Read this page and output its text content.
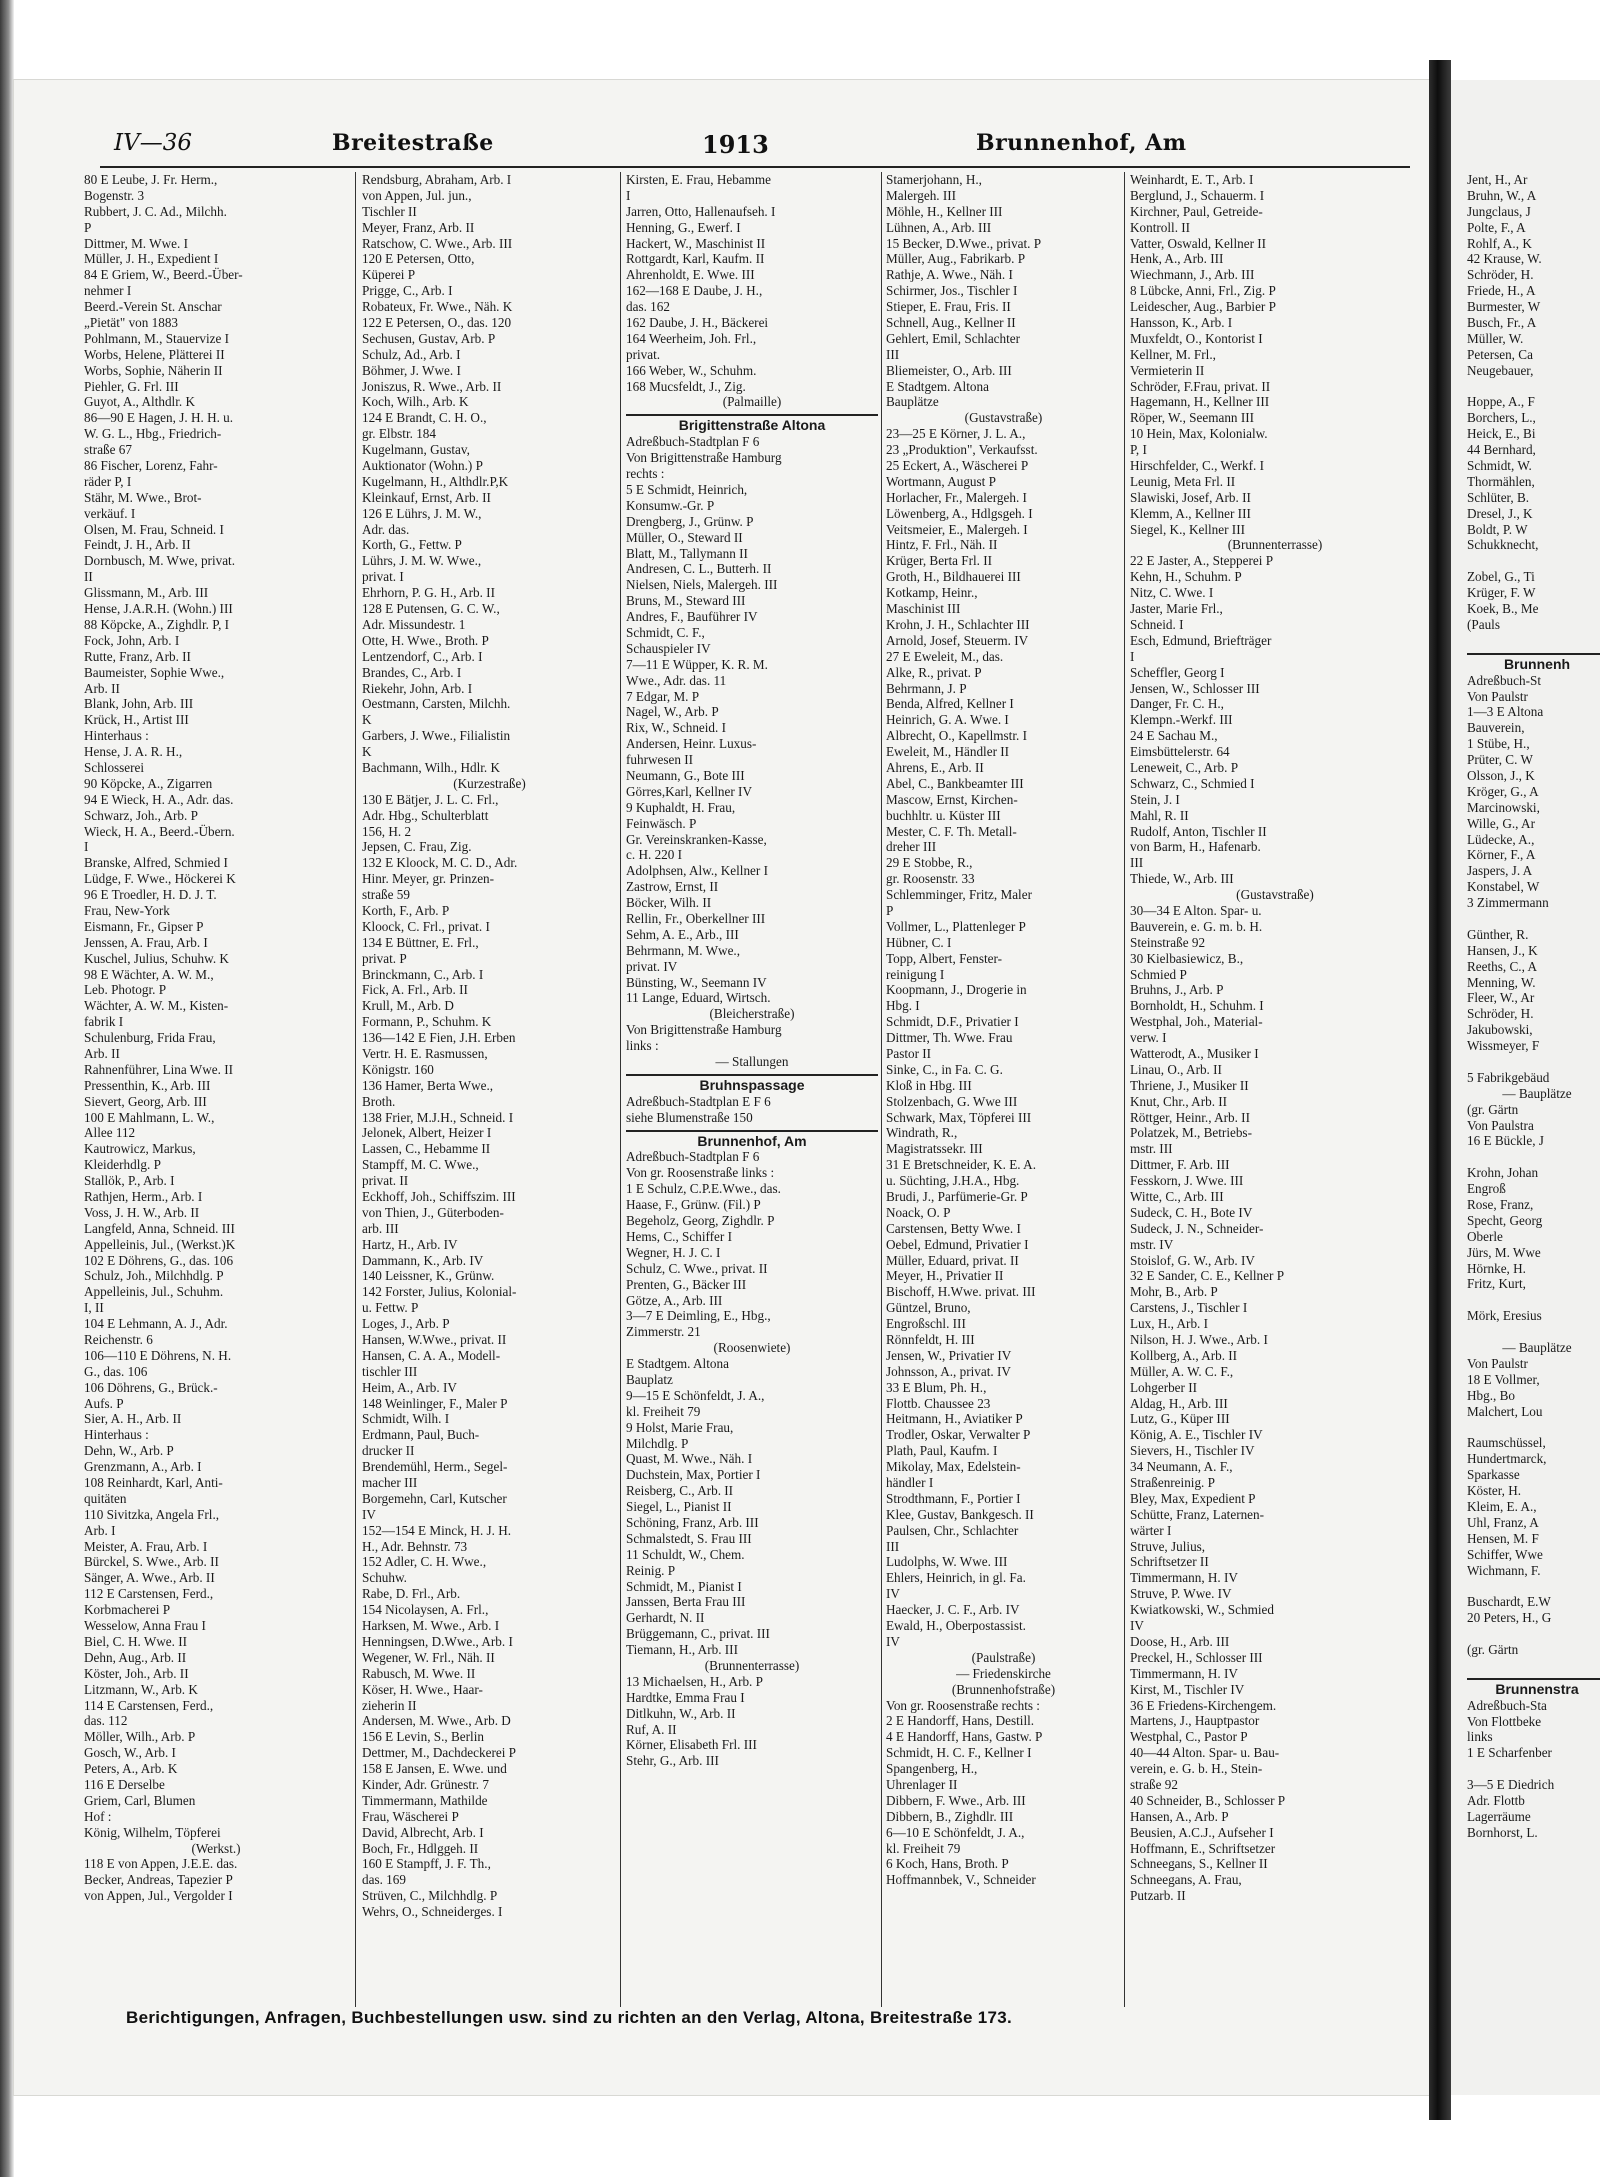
IV—36	Breitestraße	1913	Brunnenhof, Am
80 E Leube, J. Fr. Herm.,
Bogenstr. 3
Rubbert, J. C. Ad., Milchh.
P
Dittmer, M. Wwe. I
Müller, J. H., Expedient I
84 E Griem, W., Beerd.-Über-
nehmer I
Beerd.-Verein St. Anschar
„Pietät" von 1883
Pohlmann, M., Stauervize I
Worbs, Helene, Plätterei II
Worbs, Sophie, Näherin II
Piehler, G. Frl. III
Guyot, A., Althdlr. K
86—90 E Hagen, J. H. H. u.
W. G. L., Hbg., Friedrich-
straße 67
86 Fischer, Lorenz, Fahr-
räder P, I
Stähr, M. Wwe., Brot-
verkäuf. I
Olsen, M. Frau, Schneid. I
Feindt, J. H., Arb. II
Dornbusch, M. Wwe, privat.
II
Glissmann, M., Arb. III
Hense, J.A.R.H. (Wohn.) III
88 Köpcke, A., Zighdlr. P, I
Fock, John, Arb. I
Rutte, Franz, Arb. II
Baumeister, Sophie Wwe.,
Arb. II
Blank, John, Arb. III
Krück, H., Artist III
Hinterhaus :
Hense, J. A. R. H.,
Schlosserei
90 Köpcke, A., Zigarren
94 E Wieck, H. A., Adr. das.
Schwarz, Joh., Arb. P
Wieck, H. A., Beerd.-Übern.
I
Branske, Alfred, Schmied I
Lüdge, F. Wwe., Höckerei K
96 E Troedler, H. D. J. T.
Frau, New-York
Eismann, Fr., Gipser P
Jenssen, A. Frau, Arb. I
Kuschel, Julius, Schuhw. K
98 E Wächter, A. W. M.,
Leb. Photogr. P
Wächter, A. W. M., Kisten-
fabrik I
Schulenburg, Frida Frau,
Arb. II
Rahnenführer, Lina Wwe. II
Pressenthin, K., Arb. III
Sievert, Georg, Arb. III
100 E Mahlmann, L. W.,
Allee 112
Kautrowicz, Markus,
Kleiderhdlg. P
Stallök, P., Arb. I
Rathjen, Herm., Arb. I
Voss, J. H. W., Arb. II
Langfeld, Anna, Schneid. III
Appelleinis, Jul., (Werkst.)K
102 E Döhrens, G., das. 106
Schulz, Joh., Milchhdlg. P
Appelleinis, Jul., Schuhm.
I, II
104 E Lehmann, A. J., Adr.
Reichenstr. 6
106—110 E Döhrens, N. H.
G., das. 106
106 Döhrens, G., Brück.-
Aufs. P
Sier, A. H., Arb. II
Hinterhaus :
Dehn, W., Arb. P
Grenzmann, A., Arb. I
108 Reinhardt, Karl, Anti-
quitäten
110 Sivitzka, Angela Frl.,
Arb. I
Meister, A. Frau, Arb. I
Bürckel, S. Wwe., Arb. II
Sänger, A. Wwe., Arb. II
112 E Carstensen, Ferd.,
Korbmacherei P
Wesselow, Anna Frau I
Biel, C. H. Wwe. II
Dehn, Aug., Arb. II
Köster, Joh., Arb. II
Litzmann, W., Arb. K
114 E Carstensen, Ferd.,
das. 112
Möller, Wilh., Arb. P
Gosch, W., Arb. I
Peters, A., Arb. K
116 E Derselbe
Griem, Carl, Blumen
Hof :
König, Wilhelm, Töpferei
(Werkst.)
118 E von Appen, J.E.E. das.
Becker, Andreas, Tapezier P
von Appen, Jul., Vergolder I
Rendsburg, Abraham, Arb. I
von Appen, Jul. jun.,
Tischler II
Meyer, Franz, Arb. II
Ratschow, C. Wwe., Arb. III
120 E Petersen, Otto,
Küperei P
Prigge, C., Arb. I
Robateux, Fr. Wwe., Näh. K
122 E Petersen, O., das. 120
Sechusen, Gustav, Arb. P
Schulz, Ad., Arb. I
Böhmer, J. Wwe. I
Joniszus, R. Wwe., Arb. II
Koch, Wilh., Arb. K
124 E Brandt, C. H. O.,
gr. Elbstr. 184
Kugelmann, Gustav,
Auktionator (Wohn.) P
Kugelmann, H., Althdlr.P,K
Kleinkauf, Ernst, Arb. II
126 E Lührs, J. M. W.,
Adr. das.
Korth, G., Fettw. P
Lührs, J. M. W. Wwe.,
privat. I
Ehrhorn, P. G. H., Arb. II
128 E Putensen, G. C. W.,
Adr. Missundestr. 1
Otte, H. Wwe., Broth. P
Lentzendorf, C., Arb. I
Brandes, C., Arb. I
Riekehr, John, Arb. I
Oestmann, Carsten, Milchh.
K
Garbers, J. Wwe., Filialistin
K
Bachmann, Wilh., Hdlr. K
(Kurzestraße)
130 E Bätjer, J. L. C. Frl.,
Adr. Hbg., Schulterblatt
156, H. 2
Jepsen, C. Frau, Zig.
132 E Kloock, M. C. D., Adr.
Hinr. Meyer, gr. Prinzen-
straße 59
Korth, F., Arb. P
Kloock, C. Frl., privat. I
134 E Büttner, E. Frl.,
privat. P
Brinckmann, C., Arb. I
Fick, A. Frl., Arb. II
Krull, M., Arb. D
Formann, P., Schuhm. K
136—142 E Fien, J.H. Erben
Vertr. H. E. Rasmussen,
Königstr. 160
136 Hamer, Berta Wwe.,
Broth.
138 Frier, M.J.H., Schneid. I
Jelonek, Albert, Heizer I
Lassen, C., Hebamme II
Stampff, M. C. Wwe.,
privat. II
Eckhoff, Joh., Schiffszim. III
von Thien, J., Güterboden-
arb. III
Hartz, H., Arb. IV
Dammann, K., Arb. IV
140 Leissner, K., Grünw.
142 Forster, Julius, Kolonial-
u. Fettw. P
Loges, J., Arb. P
Hansen, W.Wwe., privat. II
Hansen, C. A. A., Modell-
tischler III
Heim, A., Arb. IV
148 Weinlinger, F., Maler P
Schmidt, Wilh. I
Erdmann, Paul, Buch-
drucker II
Brendemühl, Herm., Segel-
macher III
Borgemehn, Carl, Kutscher
IV
152—154 E Minck, H. J. H.
H., Adr. Behnstr. 73
152 Adler, C. H. Wwe.,
Schuhw.
Rabe, D. Frl., Arb.
154 Nicolaysen, A. Frl.,
Harksen, M. Wwe., Arb. I
Henningsen, D.Wwe., Arb. I
Wegener, W. Frl., Näh. II
Rabusch, M. Wwe. II
Köser, H. Wwe., Haar-
zieherin II
Andersen, M. Wwe., Arb. D
156 E Levin, S., Berlin
Dettmer, M., Dachdeckerei P
158 E Jansen, E. Wwe. und
Kinder, Adr. Grünestr. 7
Timmermann, Mathilde
Frau, Wäscherei P
David, Albrecht, Arb. I
Boch, Fr., Hdlggeh. II
160 E Stampff, J. F. Th.,
das. 169
Strüven, C., Milchhdlg. P
Wehrs, O., Schneiderges. I
Kirsten, E. Frau, Hebamme
I
Jarren, Otto, Hallenaufseh. I
Henning, G., Ewerf. I
Hackert, W., Maschinist II
Rottgardt, Karl, Kaufm. II
Ahrenholdt, E. Wwe. III
162—168 E Daube, J. H.,
das. 162
162 Daube, J. H., Bäckerei
164 Weerheim, Joh. Frl.,
privat.
166 Weber, W., Schuhm.
168 Mucsfeldt, J., Zig.
(Palmaille)
Brigittenstraße Altona
Adreßbuch-Stadtplan F 6
Von Brigittenstraße Hamburg
rechts :
5 E Schmidt, Heinrich,
Konsumw.-Gr. P
Drengberg, J., Grünw. P
Müller, O., Steward II
Blatt, M., Tallymann II
Andresen, C. L., Butterh. II
Nielsen, Niels, Malergeh. III
Bruns, M., Steward III
Andres, F., Bauführer IV
Schmidt, C. F.,
Schauspieler IV
7—11 E Wüpper, K. R. M.
Wwe., Adr. das. 11
7 Edgar, M. P
Nagel, W., Arb. P
Rix, W., Schneid. I
Andersen, Heinr. Luxus-
fuhrwesen II
Neumann, G., Bote III
Görres,Karl, Kellner IV
9 Kuphaldt, H. Frau,
Feinwäsch. P
Gr. Vereinskranken-Kasse,
c. H. 220 I
Adolphsen, Alw., Kellner I
Zastrow, Ernst, II
Böcker, Wilh. II
Rellin, Fr., Oberkellner III
Sehm, A. E., Arb., III
Behrmann, M. Wwe.,
privat. IV
Bünsting, W., Seemann IV
11 Lange, Eduard, Wirtsch.
(Bleicherstraße)
Von Brigittenstraße Hamburg
links :
— Stallungen
Bruhnspassage
Adreßbuch-Stadtplan E F 6
siehe Blumenstraße 150
Brunnenhof, Am
Adreßbuch-Stadtplan F 6
Von gr. Roosenstraße links :
1 E Schulz, C.P.E.Wwe., das.
Haase, F., Grünw. (Fil.) P
Begeholz, Georg, Zighdlr. P
Hems, C., Schiffer I
Wegner, H. J. C. I
Schulz, C. Wwe., privat. II
Prenten, G., Bäcker III
Götze, A., Arb. III
3—7 E Deimling, E., Hbg.,
Zimmerstr. 21
(Roosenwiete)
E Stadtgem. Altona
Bauplatz
9—15 E Schönfeldt, J. A.,
kl. Freiheit 79
9 Holst, Marie Frau,
Milchdlg. P
Quast, M. Wwe., Näh. I
Duchstein, Max, Portier I
Reisberg, C., Arb. II
Siegel, L., Pianist II
Schöning, Franz, Arb. III
Schmalstedt, S. Frau III
11 Schuldt, W., Chem.
Reinig. P
Schmidt, M., Pianist I
Janssen, Berta Frau III
Gerhardt, N. II
Brüggemann, C., privat. III
Tiemann, H., Arb. III
(Brunnenterrasse)
13 Michaelsen, H., Arb. P
Hardtke, Emma Frau I
Ditlkuhn, W., Arb. II
Ruf, A. II
Körner, Elisabeth Frl. III
Stehr, G., Arb. III
Stamerjohann, H.,
Malergeh. III
Möhle, H., Kellner III
Lühnen, A., Arb. III
15 Becker, D.Wwe., privat. P
Müller, Aug., Fabrikarb. P
Rathje, A. Wwe., Näh. I
Schirmer, Jos., Tischler I
Stieper, E. Frau, Fris. II
Schnell, Aug., Kellner II
Gehlert, Emil, Schlachter
III
Bliemeister, O., Arb. III
E Stadtgem. Altona
Bauplätze
(Gustavstraße)
23—25 E Körner, J. L. A.,
23 „Produktion", Verkaufsst.
25 Eckert, A., Wäscherei P
Wortmann, August P
Horlacher, Fr., Malergeh. I
Löwenberg, A., Hdlgsgeh. I
Veitsmeier, E., Malergeh. I
Hintz, F. Frl., Näh. II
Krüger, Berta Frl. II
Groth, H., Bildhauerei III
Kotkamp, Heinr.,
Maschinist III
Krohn, J. H., Schlachter III
Arnold, Josef, Steuerm. IV
27 E Eweleit, M., das.
Alke, R., privat. P
Behrmann, J. P
Benda, Alfred, Kellner I
Heinrich, G. A. Wwe. I
Albrecht, O., Kapellmstr. I
Eweleit, M., Händler II
Ahrens, E., Arb. II
Abel, C., Bankbeamter III
Mascow, Ernst, Kirchen-
buchhltr. u. Küster III
Mester, C. F. Th. Metall-
dreher III
29 E Stobbe, R.,
gr. Roosenstr. 33
Schlemminger, Fritz, Maler
P
Vollmer, L., Plattenleger P
Hübner, C. I
Topp, Albert, Fenster-
reinigung I
Koopmann, J., Drogerie in
Hbg. I
Schmidt, D.F., Privatier I
Dittmer, Th. Wwe. Frau
Pastor II
Sinke, C., in Fa. C. G.
Kloß in Hbg. III
Stolzenbach, G. Wwe III
Schwark, Max, Töpferei III
Windrath, R.,
Magistratssekr. III
31 E Bretschneider, K. E. A.
u. Süchting, J.H.A., Hbg.
Brudi, J., Parfümerie-Gr. P
Noack, O. P
Carstensen, Betty Wwe. I
Oebel, Edmund, Privatier I
Müller, Eduard, privat. II
Meyer, H., Privatier II
Bischoff, H.Wwe. privat. III
Güntzel, Bruno,
Engroßschl. III
Rönnfeldt, H. III
Jensen, W., Privatier IV
Johnsson, A., privat. IV
33 E Blum, Ph. H.,
Flottb. Chaussee 23
Heitmann, H., Aviatiker P
Trodler, Oskar, Verwalter P
Plath, Paul, Kaufm. I
Mikolay, Max, Edelstein-
händler I
Strodthmann, F., Portier I
Klee, Gustav, Bankgesch. II
Paulsen, Chr., Schlachter
III
Ludolphs, W. Wwe. III
Ehlers, Heinrich, in gl. Fa.
IV
Haecker, J. C. F., Arb. IV
Ewald, H., Oberpostassist.
IV
(Paulstraße)
— Friedenskirche
(Brunnenhofstraße)
Von gr. Roosenstraße rechts :
2 E Handorff, Hans, Destill.
4 E Handorff, Hans, Gastw. P
Schmidt, H. C. F., Kellner I
Spangenberg, H.,
Uhrenlager II
Dibbern, F. Wwe., Arb. III
Dibbern, B., Zighdlr. III
6—10 E Schönfeldt, J. A.,
kl. Freiheit 79
6 Koch, Hans, Broth. P
Hoffmannbek, V., Schneider
Weinhardt, E. T., Arb. I
Berglund, J., Schauerm. I
Kirchner, Paul, Getreide-
Kontroll. II
Vatter, Oswald, Kellner II
Henk, A., Arb. III
Wiechmann, J., Arb. III
8 Lübcke, Anni, Frl., Zig. P
Leidescher, Aug., Barbier P
Hansson, K., Arb. I
Muxfeldt, O., Kontorist I
Kellner, M. Frl.,
Vermieterin II
Schröder, F.Frau, privat. II
Hagemann, H., Kellner III
Röper, W., Seemann III
10 Hein, Max, Kolonialw.
P, I
Hirschfelder, C., Werkf. I
Leunig, Meta Frl. II
Slawiski, Josef, Arb. II
Klemm, A., Kellner III
Siegel, K., Kellner III
(Brunnenterrasse)
22 E Jaster, A., Stepperei P
Kehn, H., Schuhm. P
Nitz, C. Wwe. I
Jaster, Marie Frl.,
Schneid. I
Esch, Edmund, Briefträger
I
Scheffler, Georg I
Jensen, W., Schlosser III
Danger, Fr. C. H.,
Klempn.-Werkf. III
24 E Sachau M.,
Eimsbüttelerstr. 64
Leneweit, C., Arb. P
Schwarz, C., Schmied I
Stein, J. I
Mahl, R. II
Rudolf, Anton, Tischler II
von Barm, H., Hafenarb.
III
Thiede, W., Arb. III
(Gustavstraße)
30—34 E Alton. Spar- u.
Bauverein, e. G. m. b. H.
Steinstraße 92
30 Kielbasiewicz, B.,
Schmied P
Bruhns, J., Arb. P
Bornholdt, H., Schuhm. I
Westphal, Joh., Material-
verw. I
Watterodt, A., Musiker I
Linau, O., Arb. II
Thriene, J., Musiker II
Knut, Chr., Arb. II
Röttger, Heinr., Arb. II
Polatzek, M., Betriebs-
mstr. III
Dittmer, F. Arb. III
Fesskorn, J. Wwe. III
Witte, C., Arb. III
Sudeck, C. H., Bote IV
Sudeck, J. N., Schneider-
mstr. IV
Stoislof, G. W., Arb. IV
32 E Sander, C. E., Kellner P
Mohr, B., Arb. P
Carstens, J., Tischler I
Lux, H., Arb. I
Nilson, H. J. Wwe., Arb. I
Kollberg, A., Arb. II
Müller, A. W. C. F.,
Lohgerber II
Aldag, H., Arb. III
Lutz, G., Küper III
König, A. E., Tischler IV
Sievers, H., Tischler IV
34 Neumann, A. F.,
Straßenreinig. P
Bley, Max, Expedient P
Schütte, Franz, Laternen-
wärter I
Struve, Julius,
Schriftsetzer II
Timmermann, H. IV
Struve, P. Wwe. IV
Kwiatkowski, W., Schmied
IV
Doose, H., Arb. III
Preckel, H., Schlosser III
Timmermann, H. IV
Kirst, M., Tischler IV
36 E Friedens-Kirchengem.
Martens, J., Hauptpastor
Westphal, C., Pastor P
40—44 Alton. Spar- u. Bau-
verein, e. G. b. H., Stein-
straße 92
40 Schneider, B., Schlosser P
Hansen, A., Arb. P
Beusien, A.C.J., Aufseher I
Hoffmann, E., Schriftsetzer
Schneegans, S., Kellner II
Schneegans, A. Frau,
Putzarb. II
Berichtigungen, Anfragen, Buchbestellungen usw. sind zu richten an den Verlag, Altona, Breitestraße 173.
Jent, H., Ar
Bruhn, W., A
Jungclaus, J
Polte, F., A
Rohlf, A., K
42 Krause, W.
Schröder, H.
Friede, H., A
Burmester, W
Busch, Fr., A
Müller, W.
Petersen, Ca
Neugebauer,

Hoppe, A., F
Borchers, L.,
Heick, E., Bi
44 Bernhard,
Schmidt, W.
Thormählen,
Schlüter, B.
Dresel, J., K
Boldt, P. W
Schukknecht,

Zobel, G., Ti
Krüger, F. W
Koek, B., Me
(Pauls

Brunnenh
Adreßbuch-St
Von Paulstr
1—3 E Altona
Bauverein,
1 Stübe, H.,
Prüter, C. W
Olsson, J., K
Kröger, G., A
Marcinowski,
Wille, G., Ar
Lüdecke, A.,
Körner, F., A
Jaspers, J. A
Konstabel, W
3 Zimmermann

Günther, R.
Hansen, J., K
Reeths, C., A
Menning, W.
Fleer, W., Ar
Schröder, H.
Jakubowski,
Wissmeyer, F

5 Fabrikgebäud
— Bauplätze
(gr. Gärtn
Von Paulstra
16 E Bückle, J

Krohn, Johan
Engroß
Rose, Franz,
Specht, Georg
Oberle
Jürs, M. Wwe
Hörnke, H.
Fritz, Kurt,

Mörk, Eresius

— Bauplätze
Von Paulstr
18 E Vollmer,
Hbg., Bo
Malchert, Lou

Raumschüssel,
Hundertmarck,
Sparkasse
Köster, H.
Kleim, E. A.,
Uhl, Franz, A
Hensen, M. F
Schiffer, Wwe
Wichmann, F.

Buschardt, E.W
20 Peters, H., G

(gr. Gärtn

Brunnenstra
Adreßbuch-Sta
Von Flottbeke
links
1 E Scharfenber

3—5 E Diedrich
Adr. Flottb
Lagerräume
Bornhorst, L.
